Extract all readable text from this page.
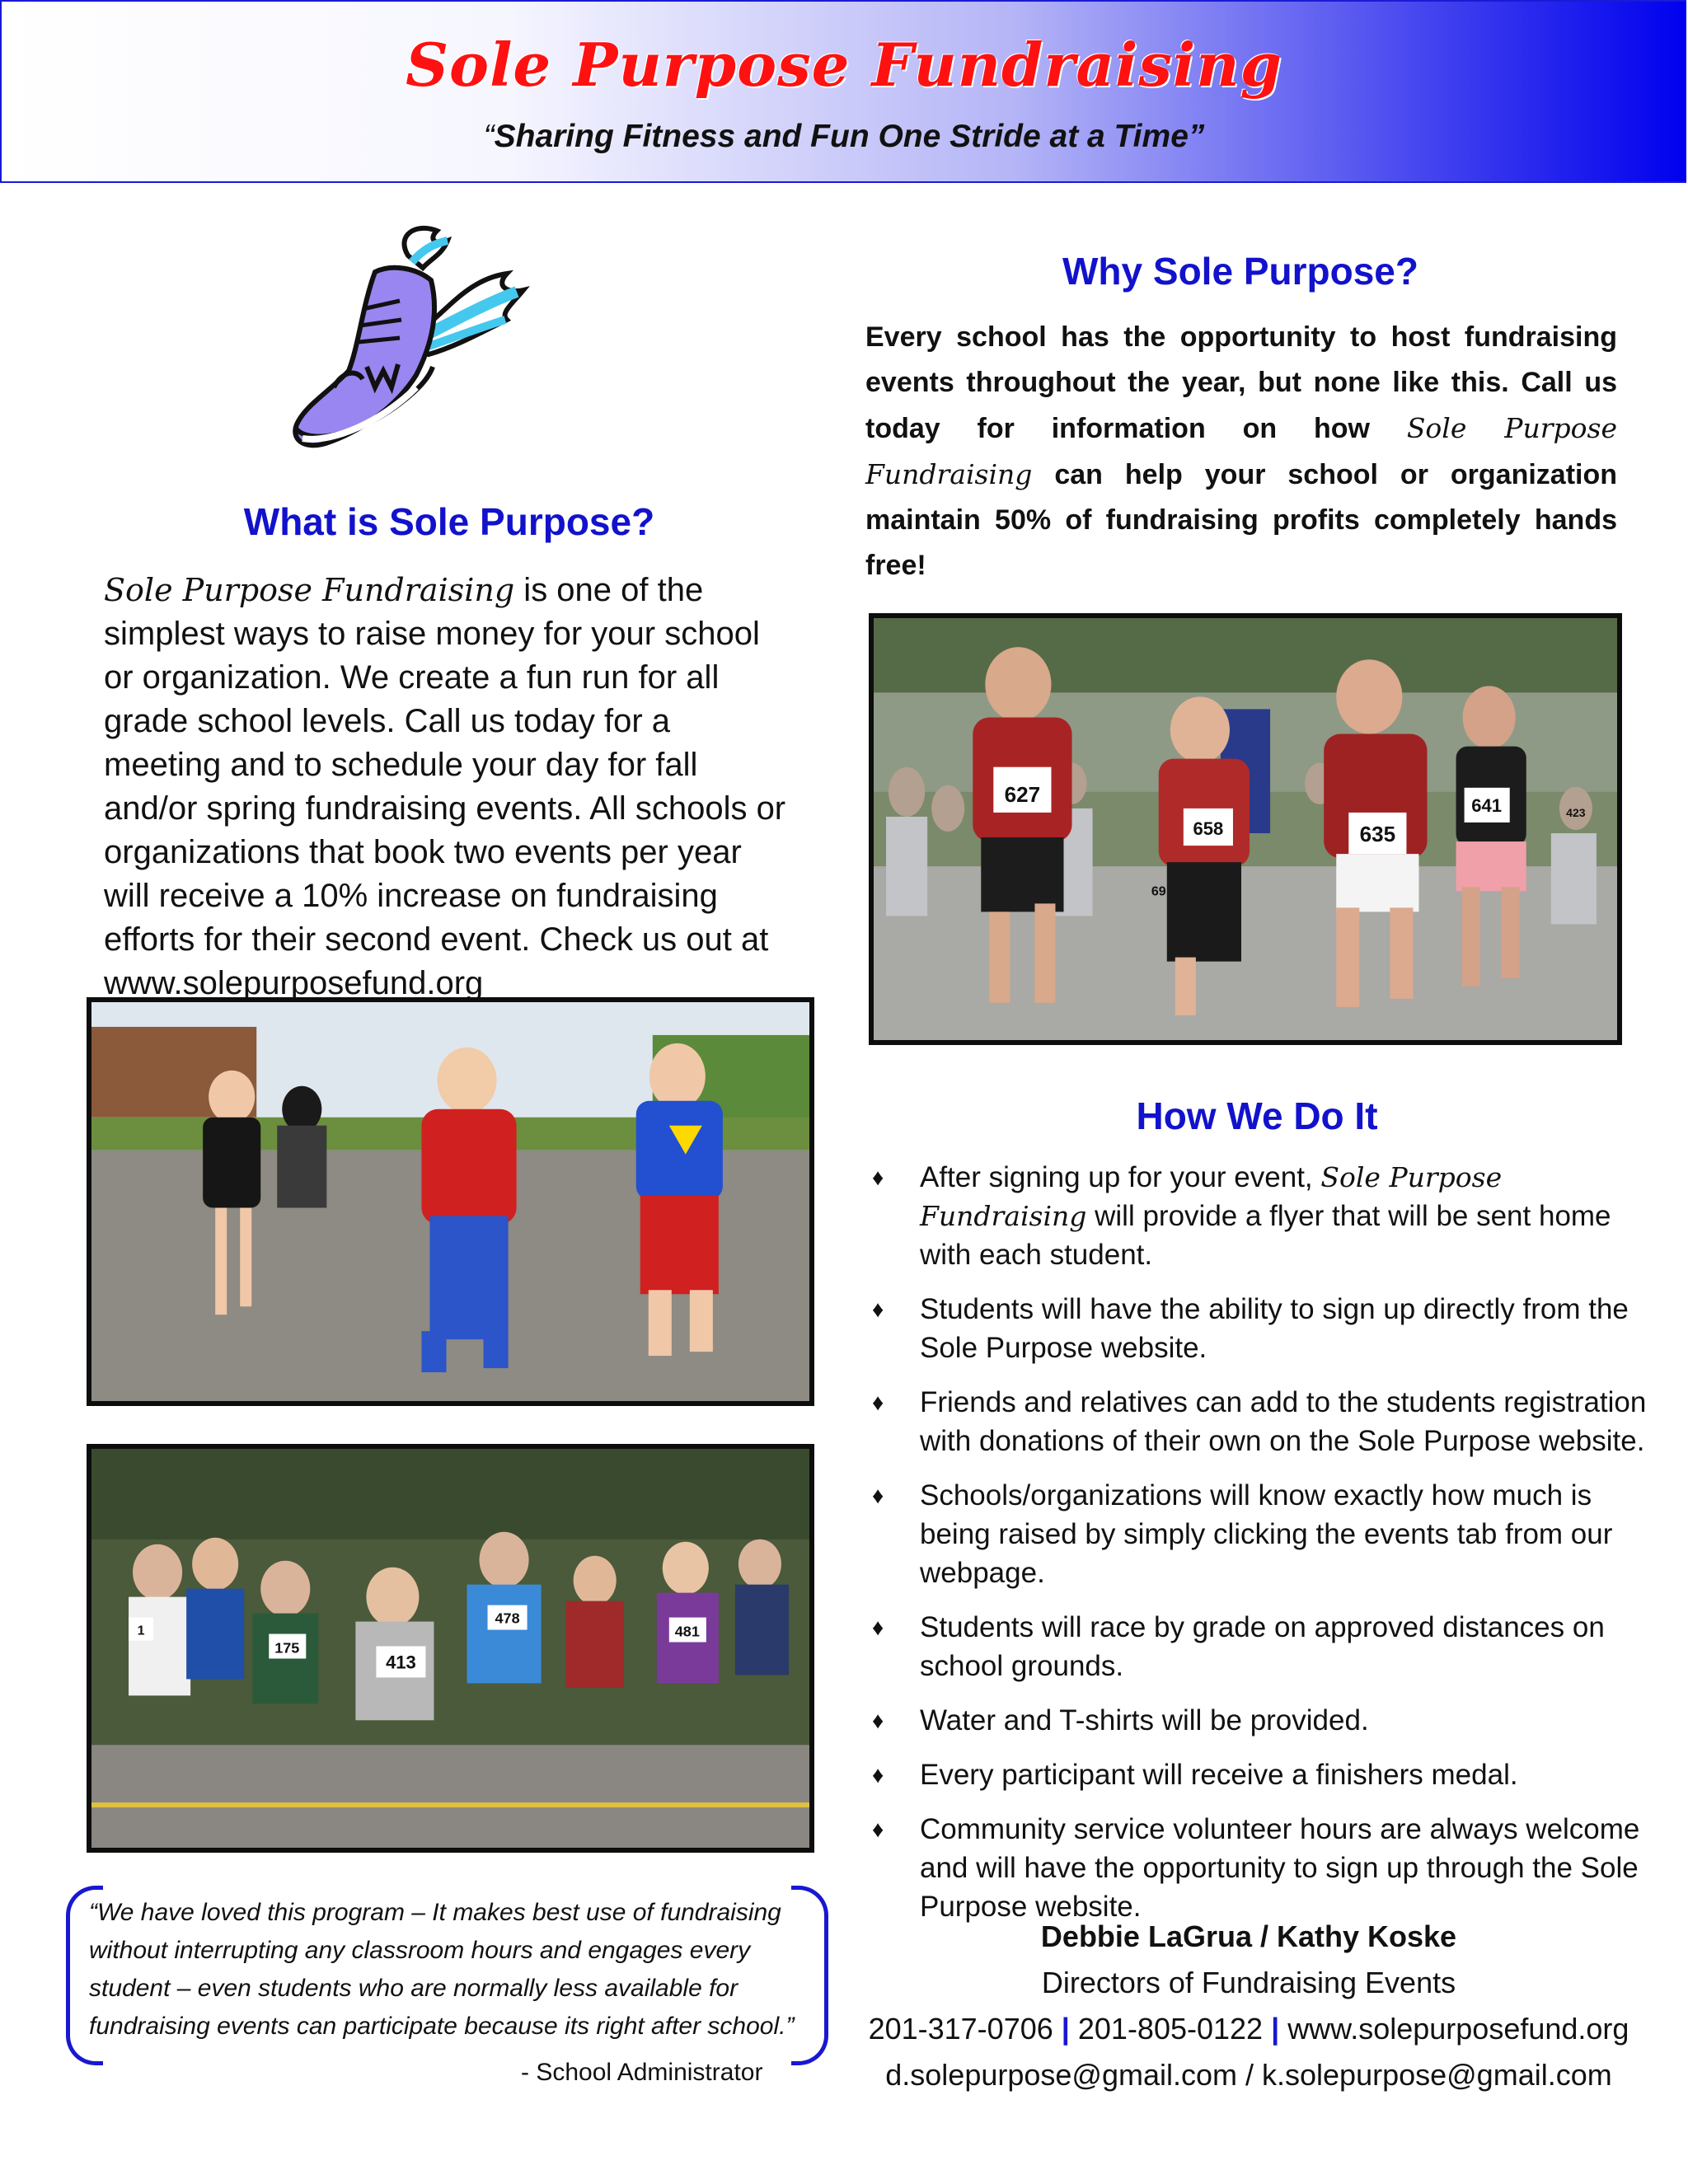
Sole Purpose Fundraising
“Sharing Fitness and Fun One Stride at a Time”
What is Sole Purpose?
Sole Purpose Fundraising is one of the simplest ways to raise money for your school or organization. We create a fun run for all grade school levels. Call us today for a meeting and to schedule your day for fall and/or spring fundraising events. All schools or organizations that book two events per year will receive a 10% increase on fundraising efforts for their second event. Check us out at www.solepurposefund.org
Why Sole Purpose?
Every school has the opportunity to host fundraising events throughout the year, but none like this. Call us today for information on how Sole Purpose Fundraising can help your school or organization maintain 50% of fundraising profits completely hands free!
627
658	635
641
69
423
413
175
478
481
1
How We Do It
♦ After signing up for your event, Sole Purpose Fundraising will provide a flyer that will be sent home with each student.
♦ Students will have the ability to sign up directly from the Sole Purpose website.
♦ Friends and relatives can add to the students registration with donations of their own on the Sole Purpose website.
♦ Schools/organizations will know exactly how much is being raised by simply clicking the events tab from our webpage.
♦ Students will race by grade on approved distances on school grounds.
♦ Water and T-shirts will be provided.
♦ Every participant will receive a finishers medal.
♦ Community service volunteer hours are always welcome and will have the opportunity to sign up through the Sole Purpose website.
“We have loved this program – It makes best use of fundraising without interrupting any classroom hours and engages every student – even students who are normally less available for fundraising events can participate because its right after school.”
- School Administrator
Debbie LaGrua / Kathy Koske
Directors of Fundraising Events
201-317-0706 | 201-805-0122 | www.solepurposefund.org
d.solepurpose@gmail.com / k.solepurpose@gmail.com
